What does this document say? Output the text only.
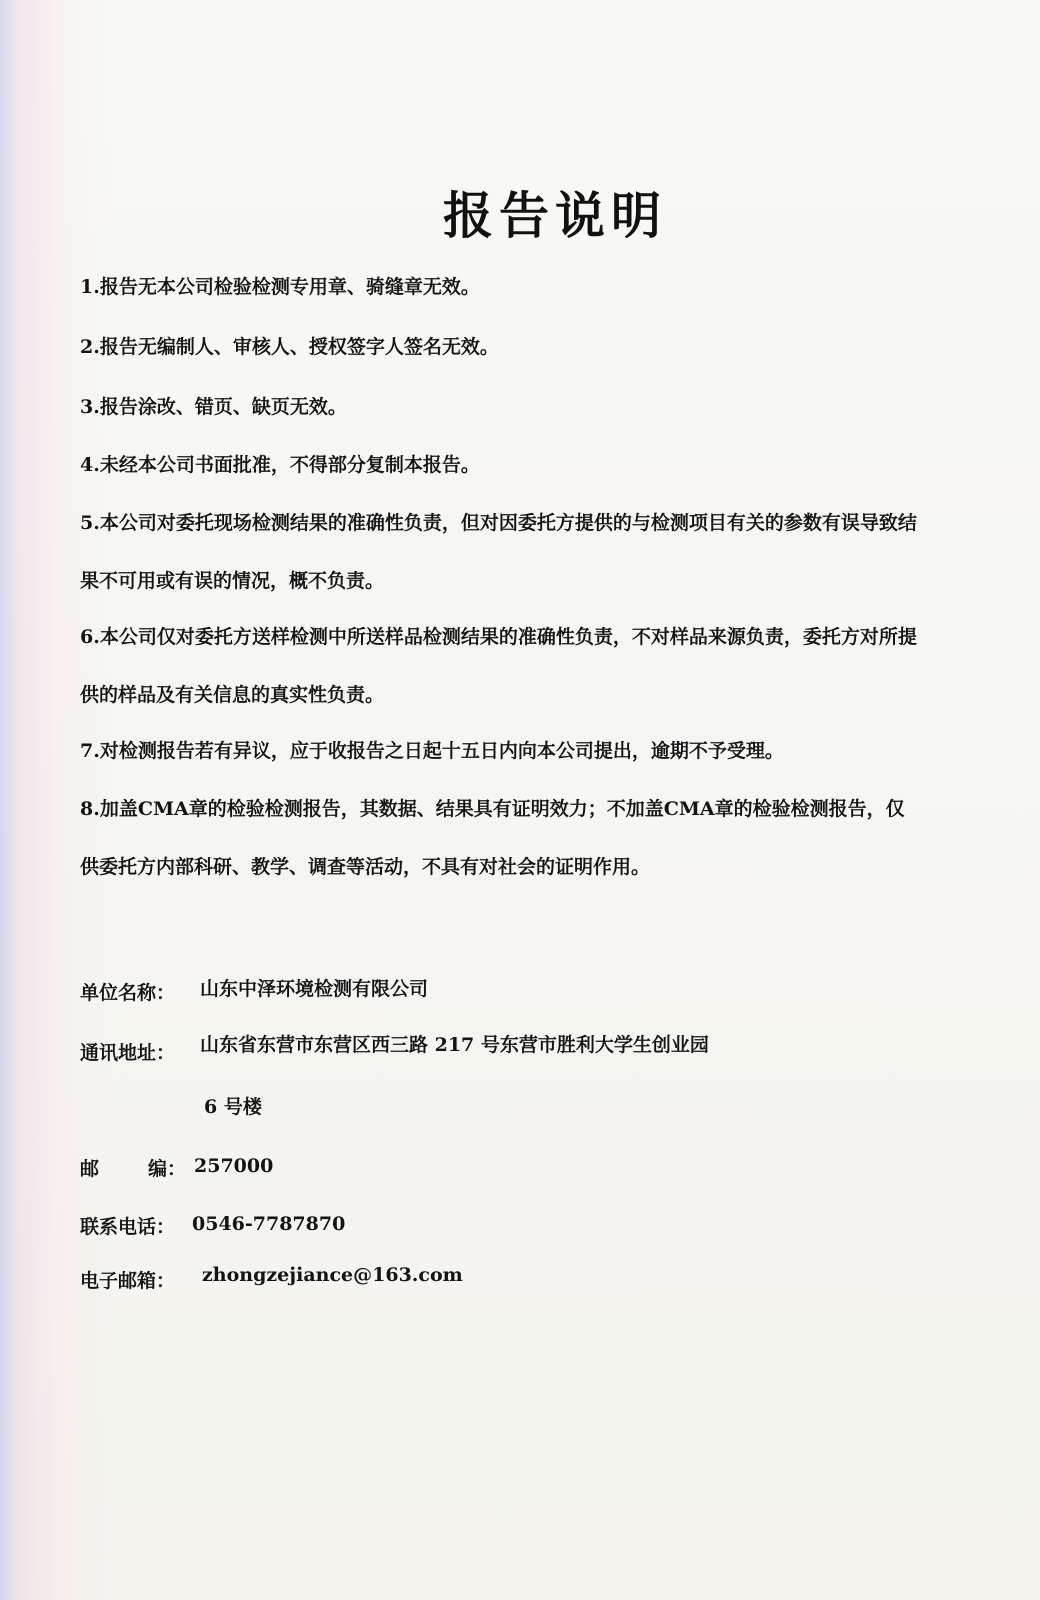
报告说明
1.报告无本公司检验检测专用章、骑缝章无效。
2.报告无编制人、审核人、授权签字人签名无效。
3.报告涂改、错页、缺页无效。
4.未经本公司书面批准，不得部分复制本报告。
5.本公司对委托现场检测结果的准确性负责，但对因委托方提供的与检测项目有关的参数有误导致结果不可用或有误的情况，概不负责。
6.本公司仅对委托方送样检测中所送样品检测结果的准确性负责，不对样品来源负责，委托方对所提供的样品及有关信息的真实性负责。
7.对检测报告若有异议，应于收报告之日起十五日内向本公司提出，逾期不予受理。
8.加盖CMA章的检验检测报告，其数据、结果具有证明效力；不加盖CMA章的检验检测报告，仅供委托方内部科研、教学、调查等活动，不具有对社会的证明作用。
单位名称： 山东中泽环境检测有限公司
通讯地址： 山东省东营市东营区西三路 217 号东营市胜利大学生创业园
6 号楼
邮	编： 257000
联系电话： 0546-7787870
电子邮箱： zhongzejiance@163.com
